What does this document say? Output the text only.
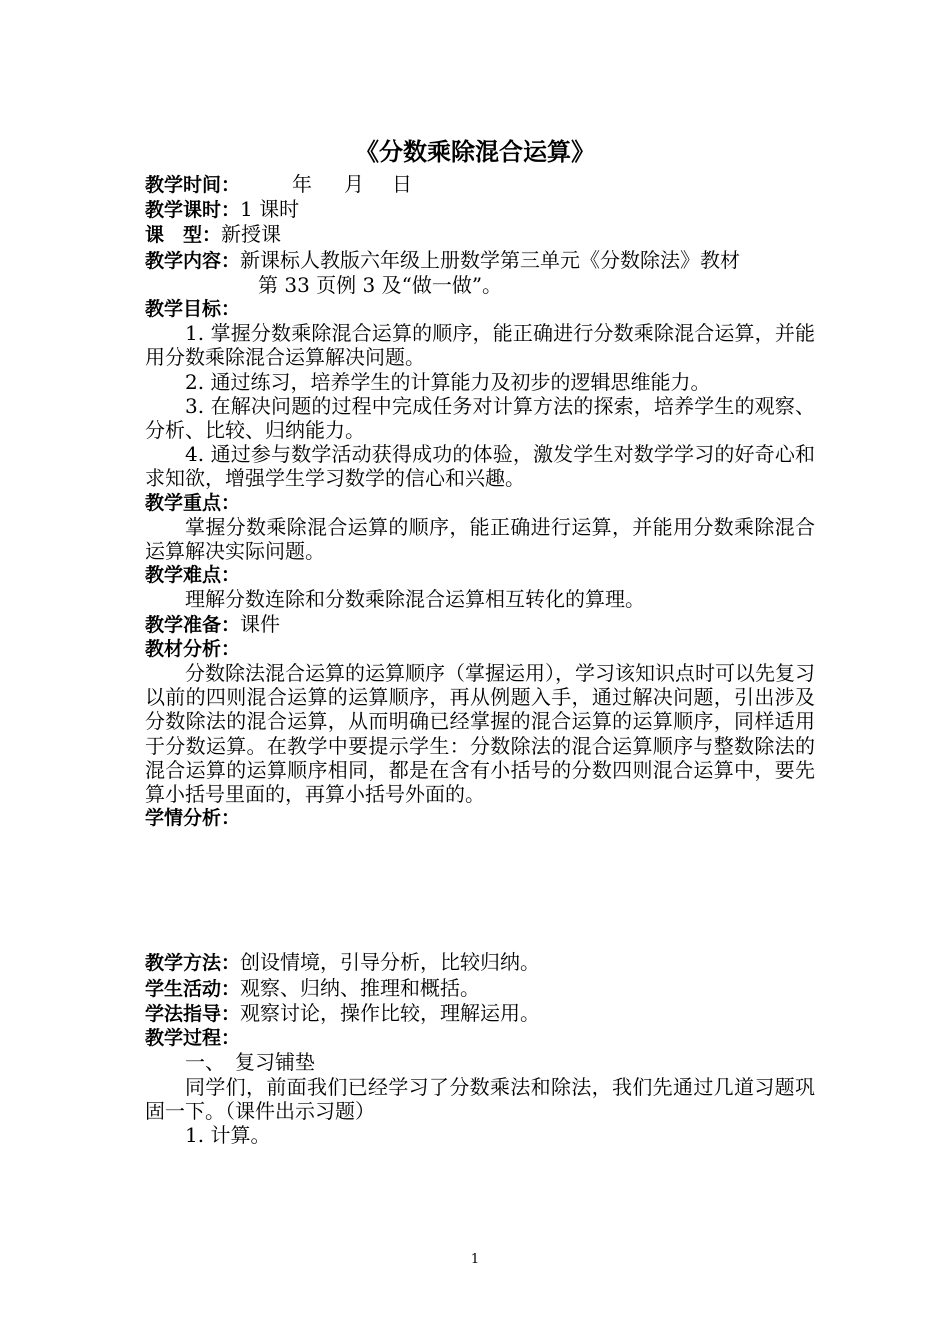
《分数乘除混合运算》
教学时间：	年 月 日
教学课时：1 课时
课　型：新授课
教学内容：新课标人教版六年级上册数学第三单元《分数除法》教材
第 33 页例 3 及“做一做”。
教学目标：
1. 掌握分数乘除混合运算的顺序，能正确进行分数乘除混合运算，并能用分数乘除混合运算解决问题。
2. 通过练习，培养学生的计算能力及初步的逻辑思维能力。
3. 在解决问题的过程中完成任务对计算方法的探索，培养学生的观察、分析、比较、归纳能力。
4. 通过参与数学活动获得成功的体验，激发学生对数学学习的好奇心和求知欲，增强学生学习数学的信心和兴趣。
教学重点：
掌握分数乘除混合运算的顺序，能正确进行运算，并能用分数乘除混合运算解决实际问题。
教学难点：
理解分数连除和分数乘除混合运算相互转化的算理。
教学准备：课件
教材分析：
分数除法混合运算的运算顺序（掌握运用），学习该知识点时可以先复习以前的四则混合运算的运算顺序，再从例题入手，通过解决问题，引出涉及分数除法的混合运算，从而明确已经掌握的混合运算的运算顺序，同样适用于分数运算。在教学中要提示学生：分数除法的混合运算顺序与整数除法的混合运算的运算顺序相同，都是在含有小括号的分数四则混合运算中，要先算小括号里面的，再算小括号外面的。
学情分析：
教学方法：创设情境，引导分析，比较归纳。
学生活动：观察、归纳、推理和概括。
学法指导：观察讨论，操作比较，理解运用。
教学过程：
一、　复习铺垫
同学们，前面我们已经学习了分数乘法和除法，我们先通过几道习题巩固一下。（课件出示习题）
1. 计算。
1
